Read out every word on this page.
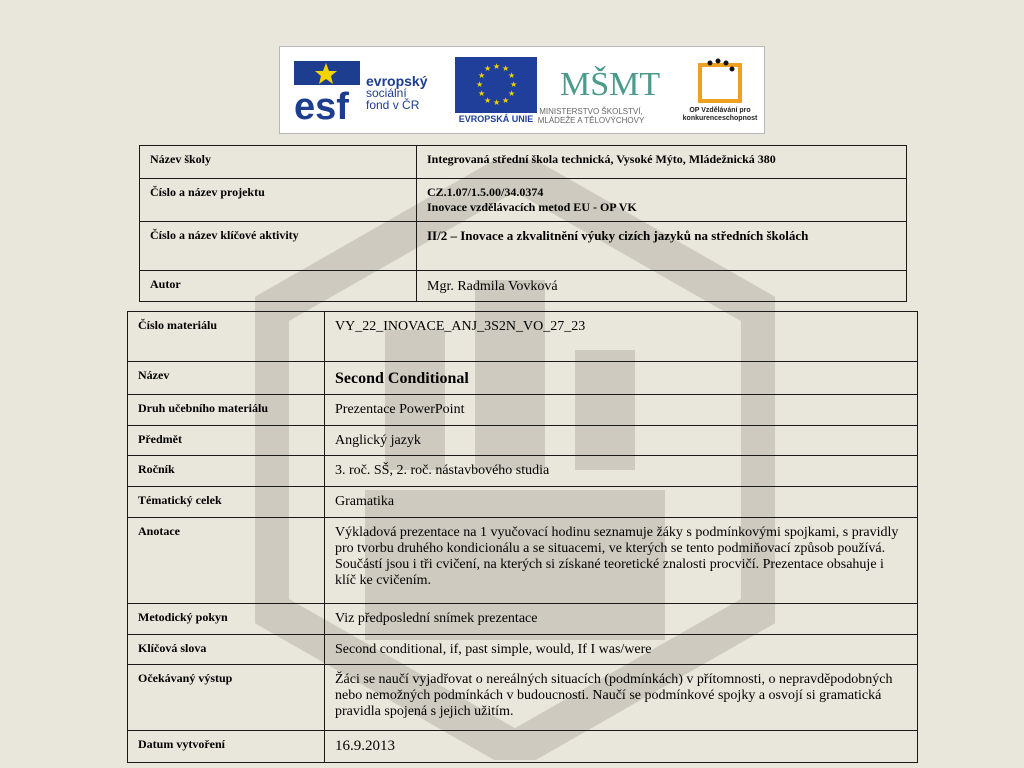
esf
evropský
sociální
fond v ČR
★ ★
★
★
★
★
★
★
★
★
★
★
EVROPSKÁ UNIE
MŠMT
MINISTERSTVO ŠKOLSTVÍ, MLÁDEŽE A TĚLOVÝCHOVY
OP Vzdělávání pro konkurenceschopnost
Název školy	Integrovaná střední škola technická, Vysoké Mýto, Mládežnická 380
Číslo a název projektu	CZ.1.07/1.5.00/34.0374
Inovace vzdělávacích metod EU - OP VK

Číslo a název klíčové aktivity	II/2 – Inovace a zkvalitnění výuky cizích jazyků na středních školách
Autor	Mgr. Radmila Vovková
Číslo materiálu	VY_22_INOVACE_ANJ_3S2N_VO_27_23
Název	Second Conditional
Druh učebního materiálu	Prezentace PowerPoint
Předmět	Anglický jazyk
Ročník	3. roč. SŠ, 2. roč. nástavbového studia
Tématický celek	Gramatika
Anotace	Výkladová prezentace na 1 vyučovací hodinu seznamuje žáky s podmínkovými spojkami, s pravidly pro tvorbu druhého kondicionálu a se situacemi, ve kterých se tento podmiňovací způsob používá. Součástí jsou i tři cvičení, na kterých si získané teoretické znalosti procvičí. Prezentace obsahuje i klíč ke cvičením.
Metodický pokyn	Viz předposlední snímek prezentace
Klíčová slova	Second conditional, if, past simple, would, If I was/were
Očekávaný výstup	Žáci se naučí vyjadřovat o nereálných situacích (podmínkách) v přítomnosti, o nepravděpodobných nebo nemožných podmínkách v budoucnosti. Naučí se podmínkové spojky a osvojí si gramatická pravidla spojená s jejich užitím.
Datum vytvoření	16.9.2013
